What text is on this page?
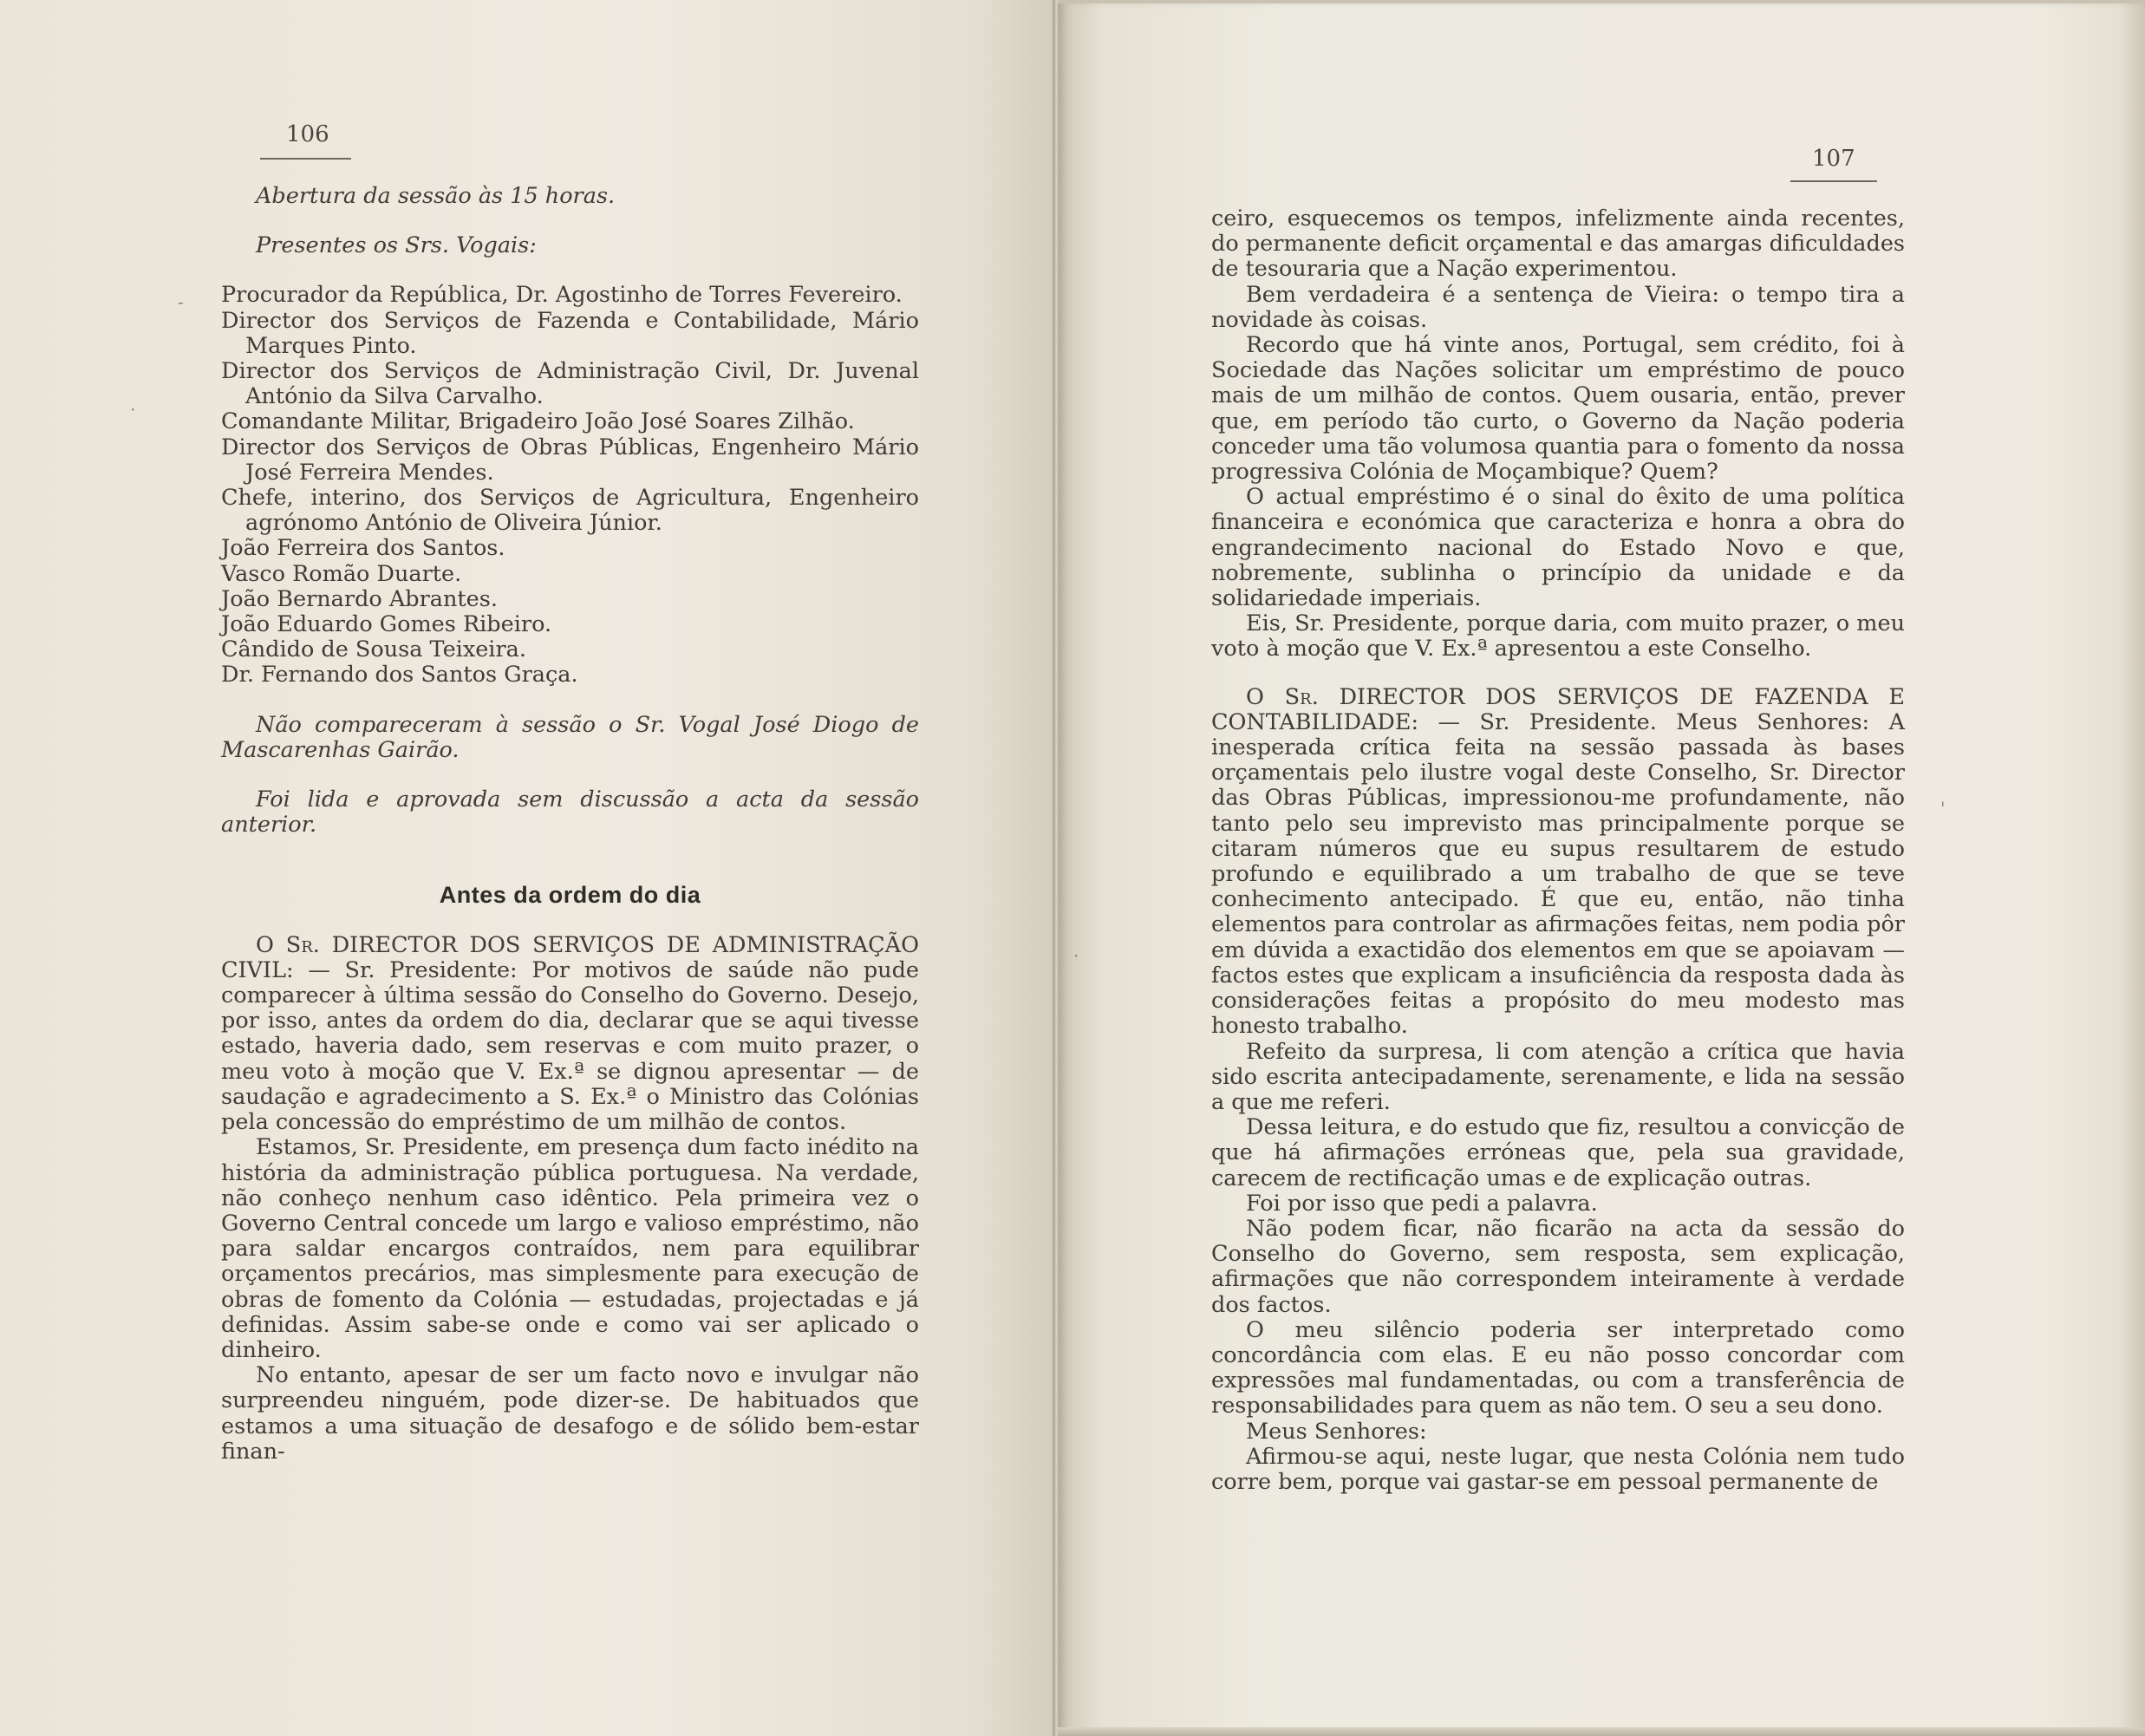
106
107
-
·
·
'

Abertura da sessão às 15 horas.

Presentes os Srs. Vogais:

Procurador da República, Dr. Agostinho de Torres Fevereiro.

Director dos Serviços de Fazenda e Contabilidade, Mário Marques Pinto.

Director dos Serviços de Administração Civil, Dr. Juvenal António da Silva Carvalho.

Comandante Militar, Brigadeiro João José Soares Zilhão.

Director dos Serviços de Obras Públicas, Engenheiro Mário José Ferreira Mendes.

Chefe, interino, dos Serviços de Agricultura, Engenheiro agrónomo António de Oliveira Júnior.

João Ferreira dos Santos.

Vasco Romão Duarte.

João Bernardo Abrantes.

João Eduardo Gomes Ribeiro.

Cândido de Sousa Teixeira.

Dr. Fernando dos Santos Graça.

Não compareceram à sessão o Sr. Vogal José Diogo de Mascarenhas Gairão.

Foi lida e aprovada sem discussão a acta da sessão anterior.

Antes da ordem do dia

O Sr. DIRECTOR DOS SERVIÇOS DE ADMINISTRAÇÃO CIVIL: — Sr. Presidente: Por motivos de saúde não pude comparecer à última sessão do Conselho do Governo. Desejo, por isso, antes da ordem do dia, declarar que se aqui tivesse estado, haveria dado, sem reservas e com muito prazer, o meu voto à moção que V. Ex.ª se dignou apresentar — de saudação e agradecimento a S. Ex.ª o Ministro das Colónias pela concessão do empréstimo de um milhão de contos.

Estamos, Sr. Presidente, em presença dum facto inédito na história da administração pública portuguesa. Na verdade, não conheço nenhum caso idêntico. Pela primeira vez o Governo Central concede um largo e valioso empréstimo, não para saldar encargos contraídos, nem para equilibrar orçamentos precários, mas simplesmente para execução de obras de fomento da Colónia — estudadas, projectadas e já definidas. Assim sabe-se onde e como vai ser aplicado o dinheiro.

No entanto, apesar de ser um facto novo e invulgar não surpreendeu ninguém, pode dizer-se. De habituados que estamos a uma situação de desafogo e de sólido bem-estar finan-

ceiro, esquecemos os tempos, infelizmente ainda recentes, do permanente deficit orçamental e das amargas dificuldades de tesouraria que a Nação experimentou.

Bem verdadeira é a sentença de Vieira: o tempo tira a novidade às coisas.

Recordo que há vinte anos, Portugal, sem crédito, foi à Sociedade das Nações solicitar um empréstimo de pouco mais de um milhão de contos. Quem ousaria, então, prever que, em período tão curto, o Governo da Nação poderia conceder uma tão volumosa quantia para o fomento da nossa progressiva Colónia de Moçambique? Quem?

O actual empréstimo é o sinal do êxito de uma política financeira e económica que caracteriza e honra a obra do engrandecimento nacional do Estado Novo e que, nobremente, sublinha o princípio da unidade e da solidariedade imperiais.

Eis, Sr. Presidente, porque daria, com muito prazer, o meu voto à moção que V. Ex.ª apresentou a este Conselho.

O Sr. DIRECTOR DOS SERVIÇOS DE FAZENDA E CONTABILIDADE: — Sr. Presidente. Meus Senhores: A inesperada crítica feita na sessão passada às bases orçamentais pelo ilustre vogal deste Conselho, Sr. Director das Obras Públicas, impressionou-me profundamente, não tanto pelo seu imprevisto mas principalmente porque se citaram números que eu supus resultarem de estudo profundo e equilibrado a um trabalho de que se teve conhecimento antecipado. É que eu, então, não tinha elementos para controlar as afirmações feitas, nem podia pôr em dúvida a exactidão dos elementos em que se apoiavam — factos estes que explicam a insuficiência da resposta dada às considerações feitas a propósito do meu modesto mas honesto trabalho.

Refeito da surpresa, li com atenção a crítica que havia sido escrita antecipadamente, serenamente, e lida na sessão a que me referi.

Dessa leitura, e do estudo que fiz, resultou a convicção de que há afirmações erróneas que, pela sua gravidade, carecem de rectificação umas e de explicação outras.

Foi por isso que pedi a palavra.

Não podem ficar, não ficarão na acta da sessão do Conselho do Governo, sem resposta, sem explicação, afirmações que não correspondem inteiramente à verdade dos factos.

O meu silêncio poderia ser interpretado como concordância com elas. E eu não posso concordar com expressões mal fundamentadas, ou com a transferência de responsabilidades para quem as não tem. O seu a seu dono.

Meus Senhores:

Afirmou-se aqui, neste lugar, que nesta Colónia nem tudo corre bem, porque vai gastar-se em pessoal permanente de
